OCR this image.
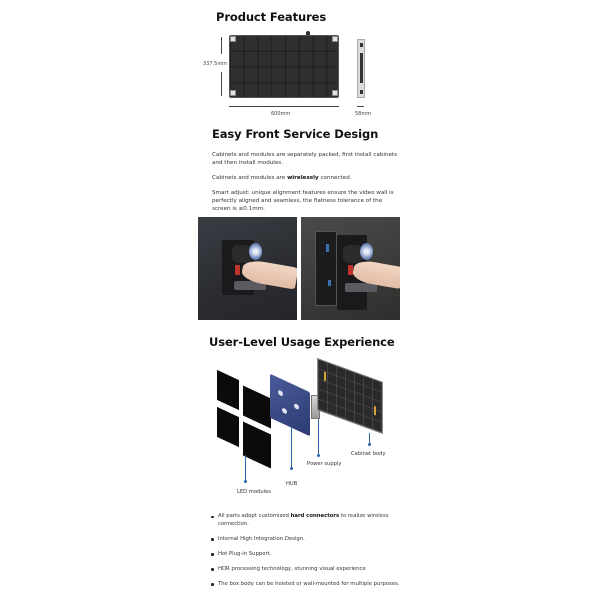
Product Features
337.5mm
600mm	58mm
Easy Front Service Design

Cabinets and modules are separately packed, first install cabinets and then install modules.

Cabinets and modules are wirelessly connected.

Smart adjust: unique alignment features ensure the video wall is perfectly aligned and seamless, the flatness tolerance of the screen is ≤0.1mm.

User-Level Usage Experience
LED modules
HUB
Power supply
Cabinet body
All parts adopt customized hard connectors to realize wireless connection.
Internal High Integration Design.
Hot Plug-in Support.
HDR processing technology, stunning visual experience
The box body can be hoisted or wall-mounted for multiple purposes.
